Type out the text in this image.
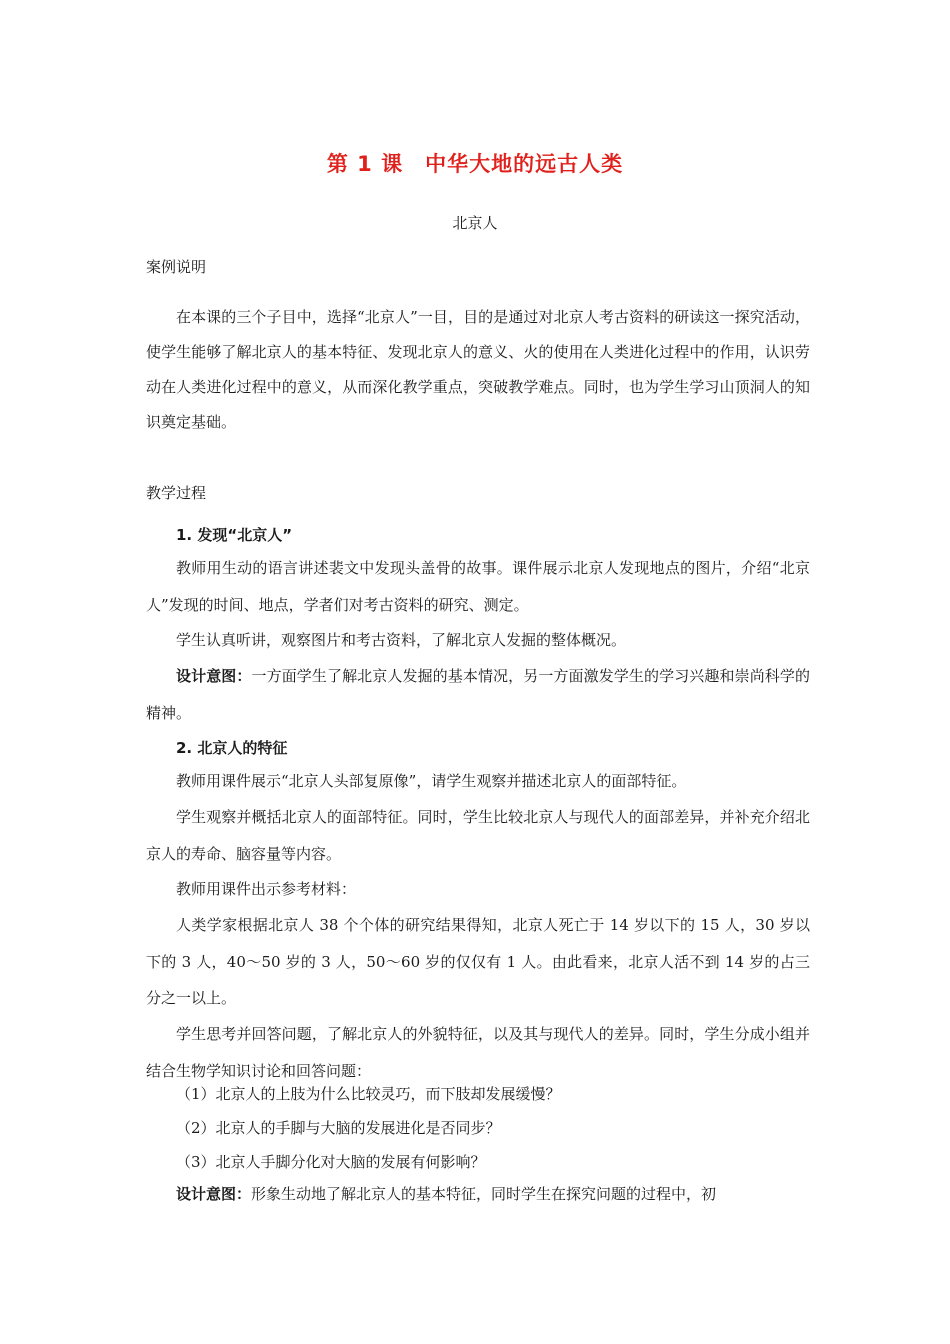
第 1 课　中华大地的远古人类
北京人
案例说明

在本课的三个子目中，选择“北京人”一目，目的是通过对北京人考古资料的研读这一探究活动，使学生能够了解北京人的基本特征、发现北京人的意义、火的使用在人类进化过程中的作用，认识劳动在人类进化过程中的意义，从而深化教学重点，突破教学难点。同时，也为学生学习山顶洞人的知识奠定基础。

教学过程
1. 发现“北京人”

教师用生动的语言讲述裴文中发现头盖骨的故事。课件展示北京人发现地点的图片，介绍“北京人”发现的时间、地点，学者们对考古资料的研究、测定。

学生认真听讲，观察图片和考古资料，了解北京人发掘的整体概况。

设计意图：一方面学生了解北京人发掘的基本情况，另一方面激发学生的学习兴趣和崇尚科学的精神。

2. 北京人的特征

教师用课件展示“北京人头部复原像”，请学生观察并描述北京人的面部特征。

学生观察并概括北京人的面部特征。同时，学生比较北京人与现代人的面部差异，并补充介绍北京人的寿命、脑容量等内容。

教师用课件出示参考材料：

人类学家根据北京人 38 个个体的研究结果得知，北京人死亡于 14 岁以下的 15 人，30 岁以下的 3 人，40～50 岁的 3 人，50～60 岁的仅仅有 1 人。由此看来，北京人活不到 14 岁的占三分之一以上。

学生思考并回答问题，了解北京人的外貌特征，以及其与现代人的差异。同时，学生分成小组并结合生物学知识讨论和回答问题：

（1）北京人的上肢为什么比较灵巧，而下肢却发展缓慢？
（2）北京人的手脚与大脑的发展进化是否同步？
（3）北京人手脚分化对大脑的发展有何影响？

设计意图：形象生动地了解北京人的基本特征，同时学生在探究问题的过程中，初
